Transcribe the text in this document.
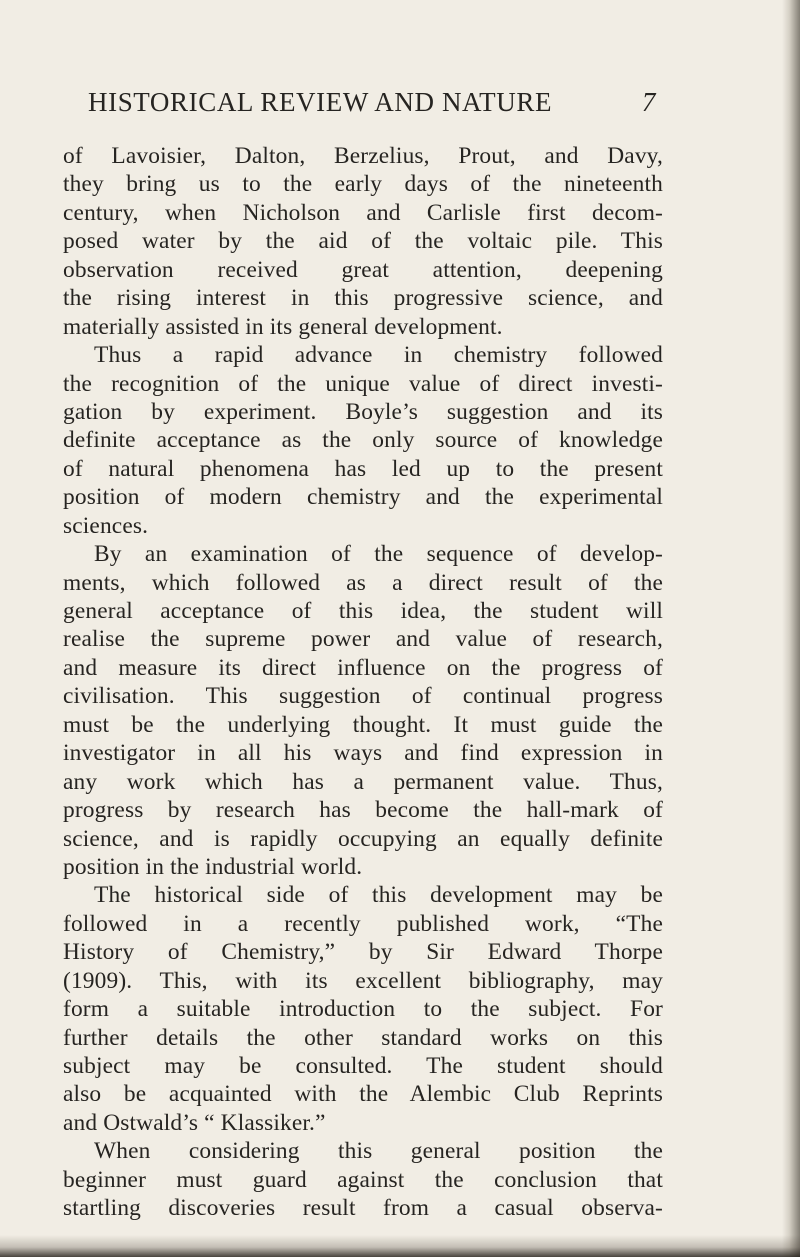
HISTORICAL REVIEW AND NATURE	7
of Lavoisier, Dalton, Berzelius, Prout, and Davy,
they bring us to the early days of the nineteenth
century, when Nicholson and Carlisle first decom-
posed water by the aid of the voltaic pile. This
observation received great attention, deepening
the rising interest in this progressive science, and
materially assisted in its general development.
Thus a rapid advance in chemistry followed
the recognition of the unique value of direct investi-
gation by experiment. Boyle’s suggestion and its
definite acceptance as the only source of knowledge
of natural phenomena has led up to the present
position of modern chemistry and the experimental
sciences.
By an examination of the sequence of develop-
ments, which followed as a direct result of the
general acceptance of this idea, the student will
realise the supreme power and value of research,
and measure its direct influence on the progress of
civilisation. This suggestion of continual progress
must be the underlying thought. It must guide the
investigator in all his ways and find expression in
any work which has a permanent value. Thus,
progress by research has become the hall-mark of
science, and is rapidly occupying an equally definite
position in the industrial world.
The historical side of this development may be
followed in a recently published work, “The
History of Chemistry,” by Sir Edward Thorpe
(1909). This, with its excellent bibliography, may
form a suitable introduction to the subject. For
further details the other standard works on this
subject may be consulted. The student should
also be acquainted with the Alembic Club Reprints
and Ostwald’s “ Klassiker.”
When considering this general position the
beginner must guard against the conclusion that
startling discoveries result from a casual observa-
